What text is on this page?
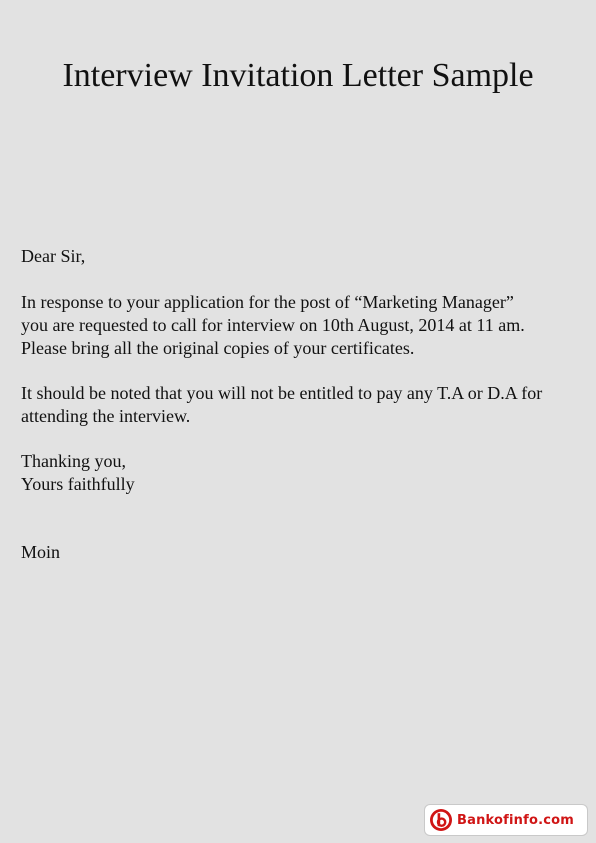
Interview Invitation Letter Sample

Dear Sir,

In response to your application for the post of “Marketing Manager”
you are requested to call for interview on 10th August, 2014 at 11 am.
Please bring all the original copies of your certificates.

It should be noted that you will not be entitled to pay any T.A or D.A for
attending the interview.

Thanking you,
Yours faithfully

Moin

Bankofinfo.com
